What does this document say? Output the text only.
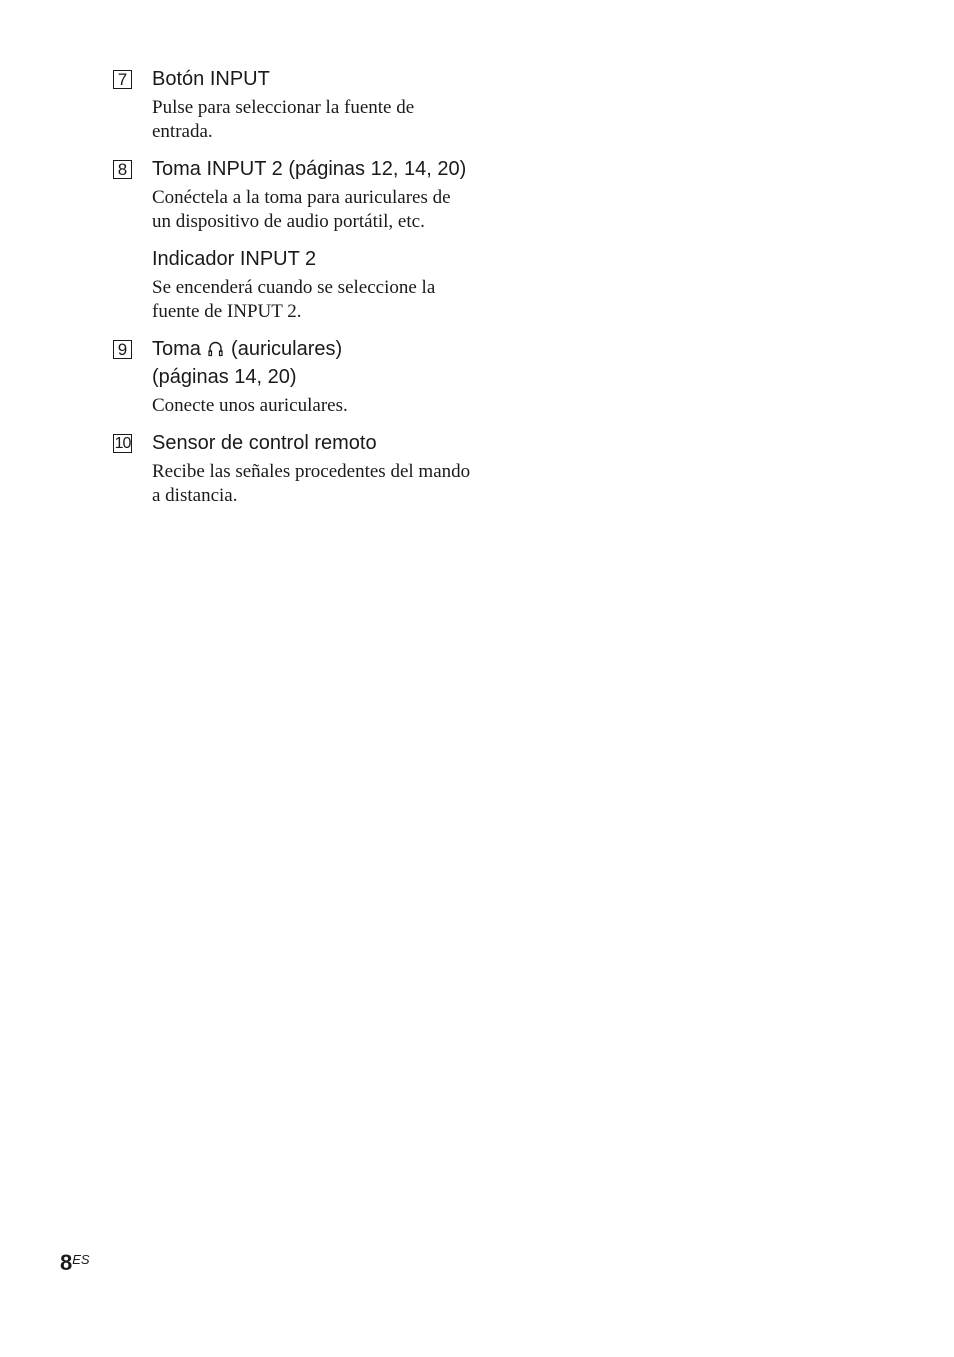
7 Botón INPUT

Pulse para seleccionar la fuente de entrada.

8 Toma INPUT 2 (páginas 12, 14, 20)

Conéctela a la toma para auriculares de un dispositivo de audio portátil, etc.

Indicador INPUT 2

Se encenderá cuando se seleccione la fuente de INPUT 2.

9 Toma (auriculares)
(páginas 14, 20)

Conecte unos auriculares.

10 Sensor de control remoto

Recibe las señales procedentes del mando a distancia.

$8^{ES}$
